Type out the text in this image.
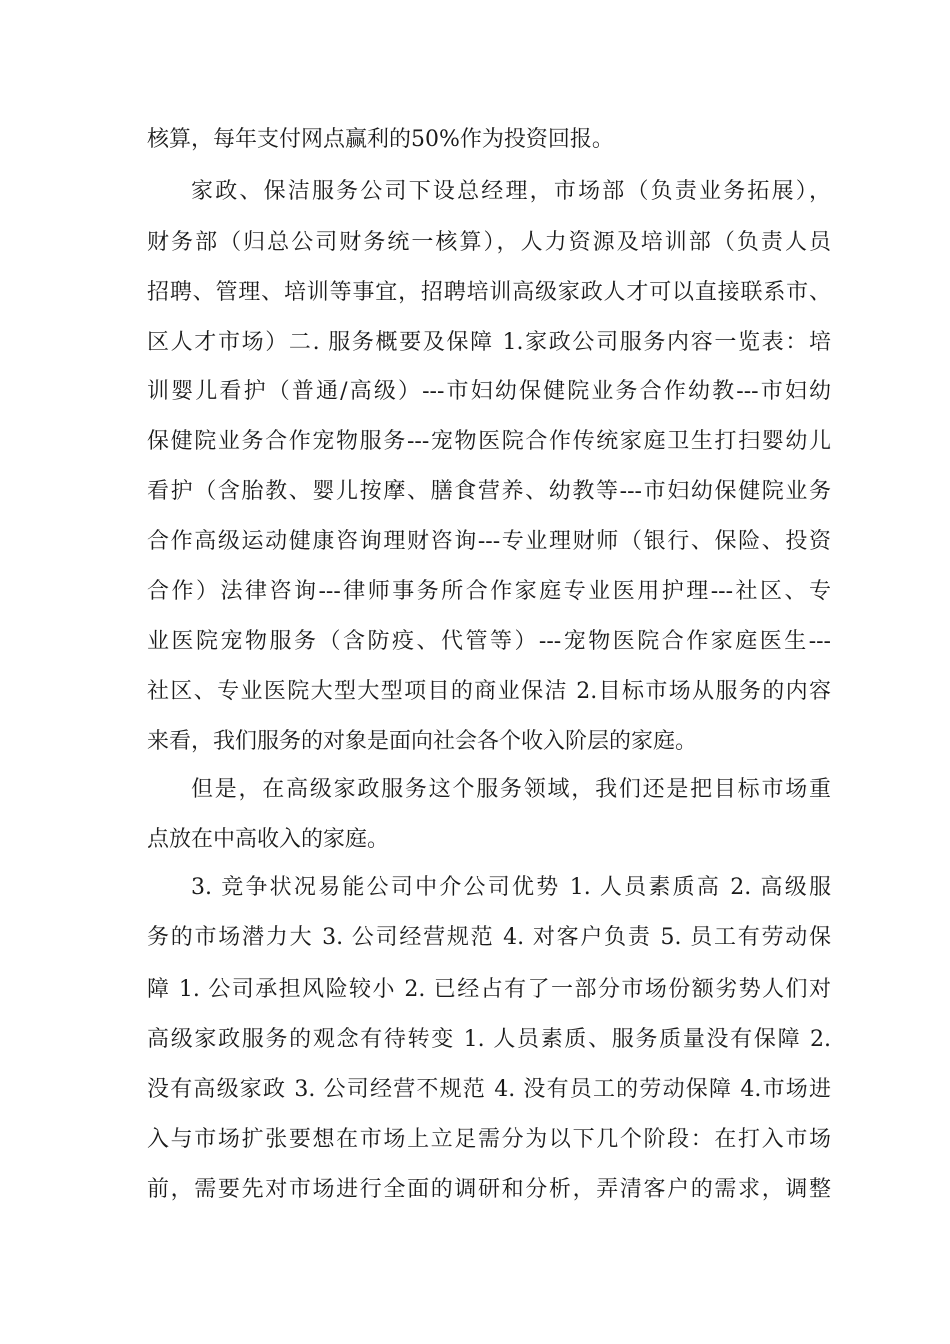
核算，每年支付网点赢利的50%作为投资回报。
家政、保洁服务公司下设总经理，市场部（负责业务拓展），
财务部（归总公司财务统一核算），人力资源及培训部（负责人员
招聘、管理、培训等事宜，招聘培训高级家政人才可以直接联系市、
区人才市场）二. 服务概要及保障 1.家政公司服务内容一览表：培
训婴儿看护（普通/高级）---市妇幼保健院业务合作幼教---市妇幼
保健院业务合作宠物服务---宠物医院合作传统家庭卫生打扫婴幼儿
看护（含胎教、婴儿按摩、膳食营养、幼教等---市妇幼保健院业务
合作高级运动健康咨询理财咨询---专业理财师（银行、保险、投资
合作）法律咨询---律师事务所合作家庭专业医用护理---社区、专
业医院宠物服务（含防疫、代管等）---宠物医院合作家庭医生---
社区、专业医院大型大型项目的商业保洁 2.目标市场从服务的内容
来看，我们服务的对象是面向社会各个收入阶层的家庭。
但是，在高级家政服务这个服务领域，我们还是把目标市场重
点放在中高收入的家庭。
3. 竞争状况易能公司中介公司优势 1. 人员素质高 2. 高级服
务的市场潜力大 3. 公司经营规范 4. 对客户负责 5. 员工有劳动保
障 1. 公司承担风险较小 2. 已经占有了一部分市场份额劣势人们对
高级家政服务的观念有待转变 1. 人员素质、服务质量没有保障 2.
没有高级家政 3. 公司经营不规范 4. 没有员工的劳动保障 4.市场进
入与市场扩张要想在市场上立足需分为以下几个阶段：在打入市场
前，需要先对市场进行全面的调研和分析，弄清客户的需求，调整
